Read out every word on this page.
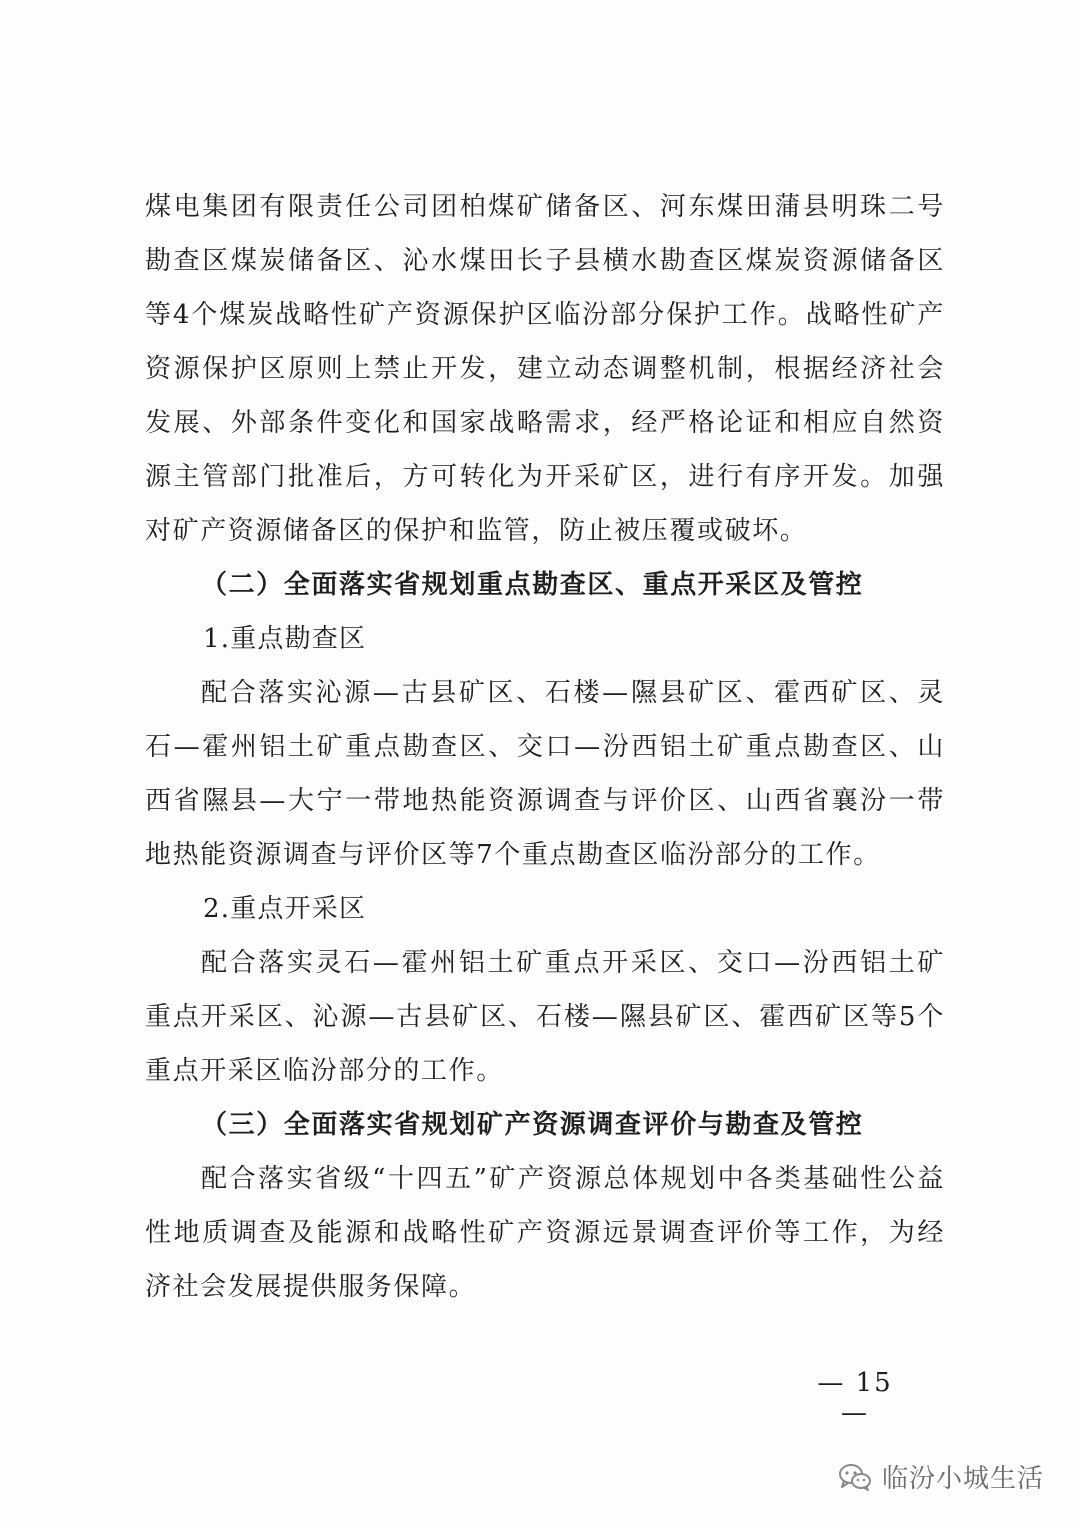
煤电集团有限责任公司团柏煤矿储备区、河东煤田蒲县明珠二号勘查区煤炭储备区、沁水煤田长子县横水勘查区煤炭资源储备区等4个煤炭战略性矿产资源保护区临汾部分保护工作。战略性矿产资源保护区原则上禁止开发，建立动态调整机制，根据经济社会发展、外部条件变化和国家战略需求，经严格论证和相应自然资源主管部门批准后，方可转化为开采矿区，进行有序开发。加强对矿产资源储备区的保护和监管，防止被压覆或破坏。

（二）全面落实省规划重点勘查区、重点开采区及管控

1.重点勘查区

配合落实沁源—古县矿区、石楼—隰县矿区、霍西矿区、灵石—霍州铝土矿重点勘查区、交口—汾西铝土矿重点勘查区、山西省隰县—大宁一带地热能资源调查与评价区、山西省襄汾一带地热能资源调查与评价区等7个重点勘查区临汾部分的工作。

2.重点开采区

配合落实灵石—霍州铝土矿重点开采区、交口—汾西铝土矿重点开采区、沁源—古县矿区、石楼—隰县矿区、霍西矿区等5个重点开采区临汾部分的工作。

（三）全面落实省规划矿产资源调查评价与勘查及管控

配合落实省级“十四五”矿产资源总体规划中各类基础性公益性地质调查及能源和战略性矿产资源远景调查评价等工作，为经济社会发展提供服务保障。

— 15 —
临汾小城生活
